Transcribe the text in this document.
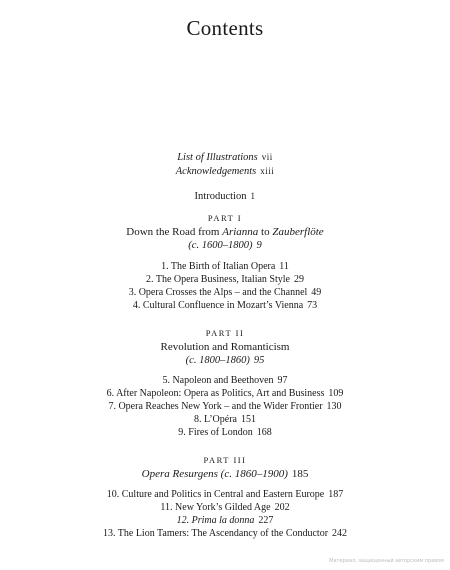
Contents
List of Illustrations vii
Acknowledgements xiii
Introduction 1
PART I
Down the Road from Arianna to Zauberflöte
(c. 1600–1800) 9
1. The Birth of Italian Opera 11
2. The Opera Business, Italian Style 29
3. Opera Crosses the Alps – and the Channel 49
4. Cultural Confluence in Mozart’s Vienna 73
PART II
Revolution and Romanticism
(c. 1800–1860) 95
5. Napoleon and Beethoven 97
6. After Napoleon: Opera as Politics, Art and Business 109
7. Opera Reaches New York – and the Wider Frontier 130
8. L’Opéra 151
9. Fires of London 168
PART III
Opera Resurgens (c. 1860–1900) 185
10. Culture and Politics in Central and Eastern Europe 187
11. New York’s Gilded Age 202
12. Prima la donna 227
13. The Lion Tamers: The Ascendancy of the Conductor 242
Материал, защищенный авторским правом
